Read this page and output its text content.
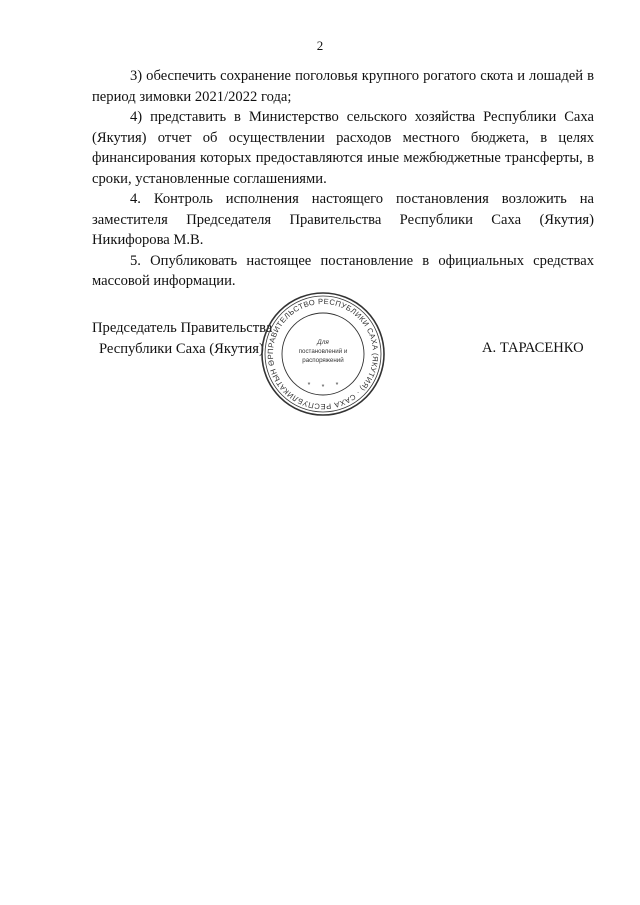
2

3) обеспечить сохранение поголовья крупного рогатого скота и лошадей в период зимовки 2021/2022 года;

4) представить в Министерство сельского хозяйства Республики Саха (Якутия) отчет об осуществлении расходов местного бюджета, в целях финансирования которых предоставляются иные межбюджетные трансферты, в сроки, установленные соглашениями.

4. Контроль исполнения настоящего постановления возложить на заместителя Председателя Правительства Республики Саха (Якутия) Никифорова М.В.

5. Опубликовать настоящее постановление в официальных средствах массовой информации.

Председатель Правительства
Республики Саха (Якутия)	А. ТАРАСЕНКО
ПРАВИТЕЛЬСТВО РЕСПУБЛИКИ САХА (ЯКУТИЯ) · САХА РЕСПУБЛИКАТЫН ӨР
Для
постановлений и
распоряжений
* * *
